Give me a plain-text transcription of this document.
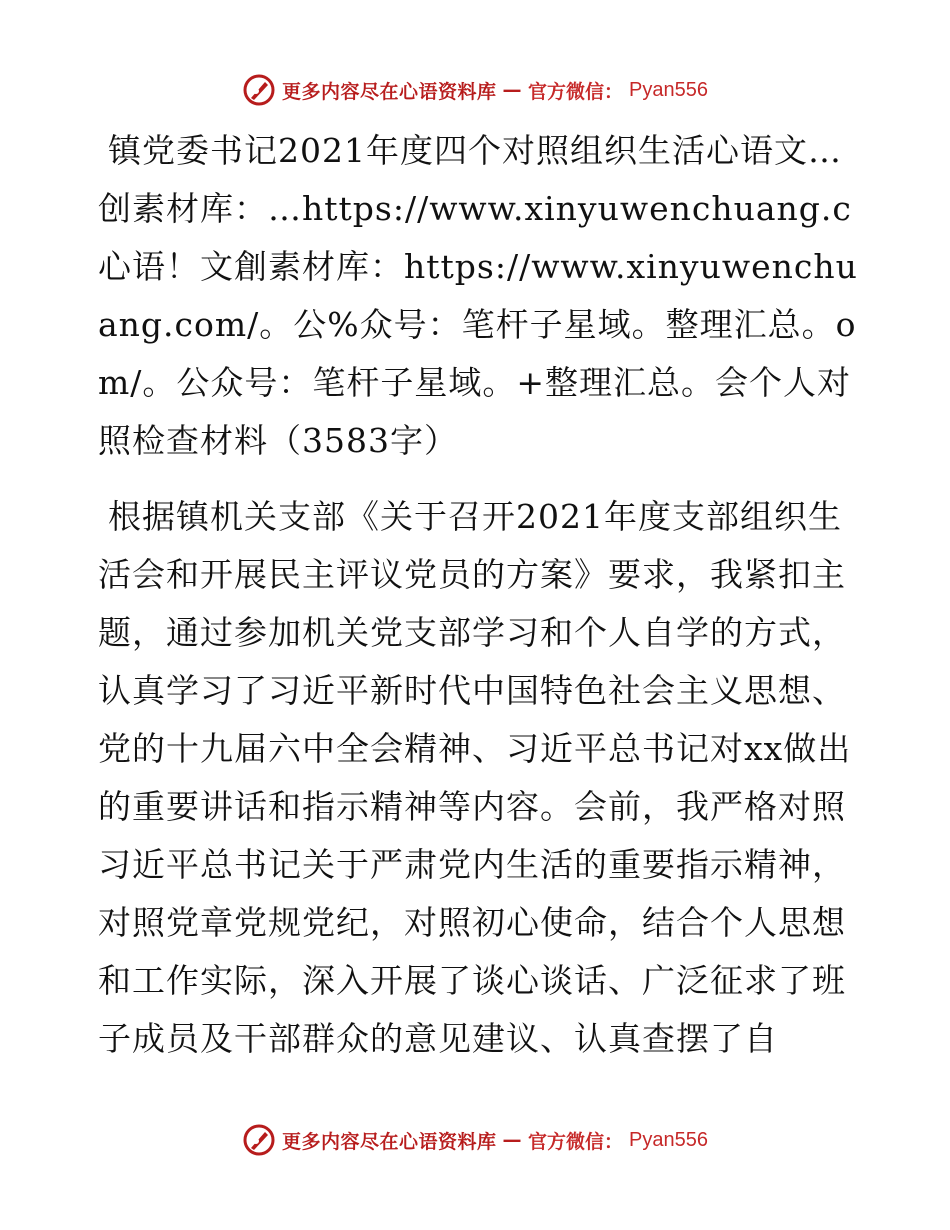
更多内容尽在心语资料库 — 官方微信： Pyan556

镇党委书记2021年度四个对照组织生活心语文…创素材库：…https://www.xinyuwenchuang.c心语！文創素材库：https://www.xinyuwenchuang.com/。公%众号：笔杆子星域。整理汇总。om/。公众号：笔杆子星域。+整理汇总。会个人对照检查材料（3583字）

根据镇机关支部《关于召开2021年度支部组织生活会和开展民主评议党员的方案》要求，我紧扣主题，通过参加机关党支部学习和个人自学的方式，认真学习了习近平新时代中国特色社会主义思想、党的十九届六中全会精神、习近平总书记对xx做出的重要讲话和指示精神等内容。会前，我严格对照习近平总书记关于严肃党内生活的重要指示精神，对照党章党规党纪，对照初心使命，结合个人思想和工作实际，深入开展了谈心谈话、广泛征求了班子成员及干部群众的意见建议、认真查摆了自

更多内容尽在心语资料库 — 官方微信： Pyan556
